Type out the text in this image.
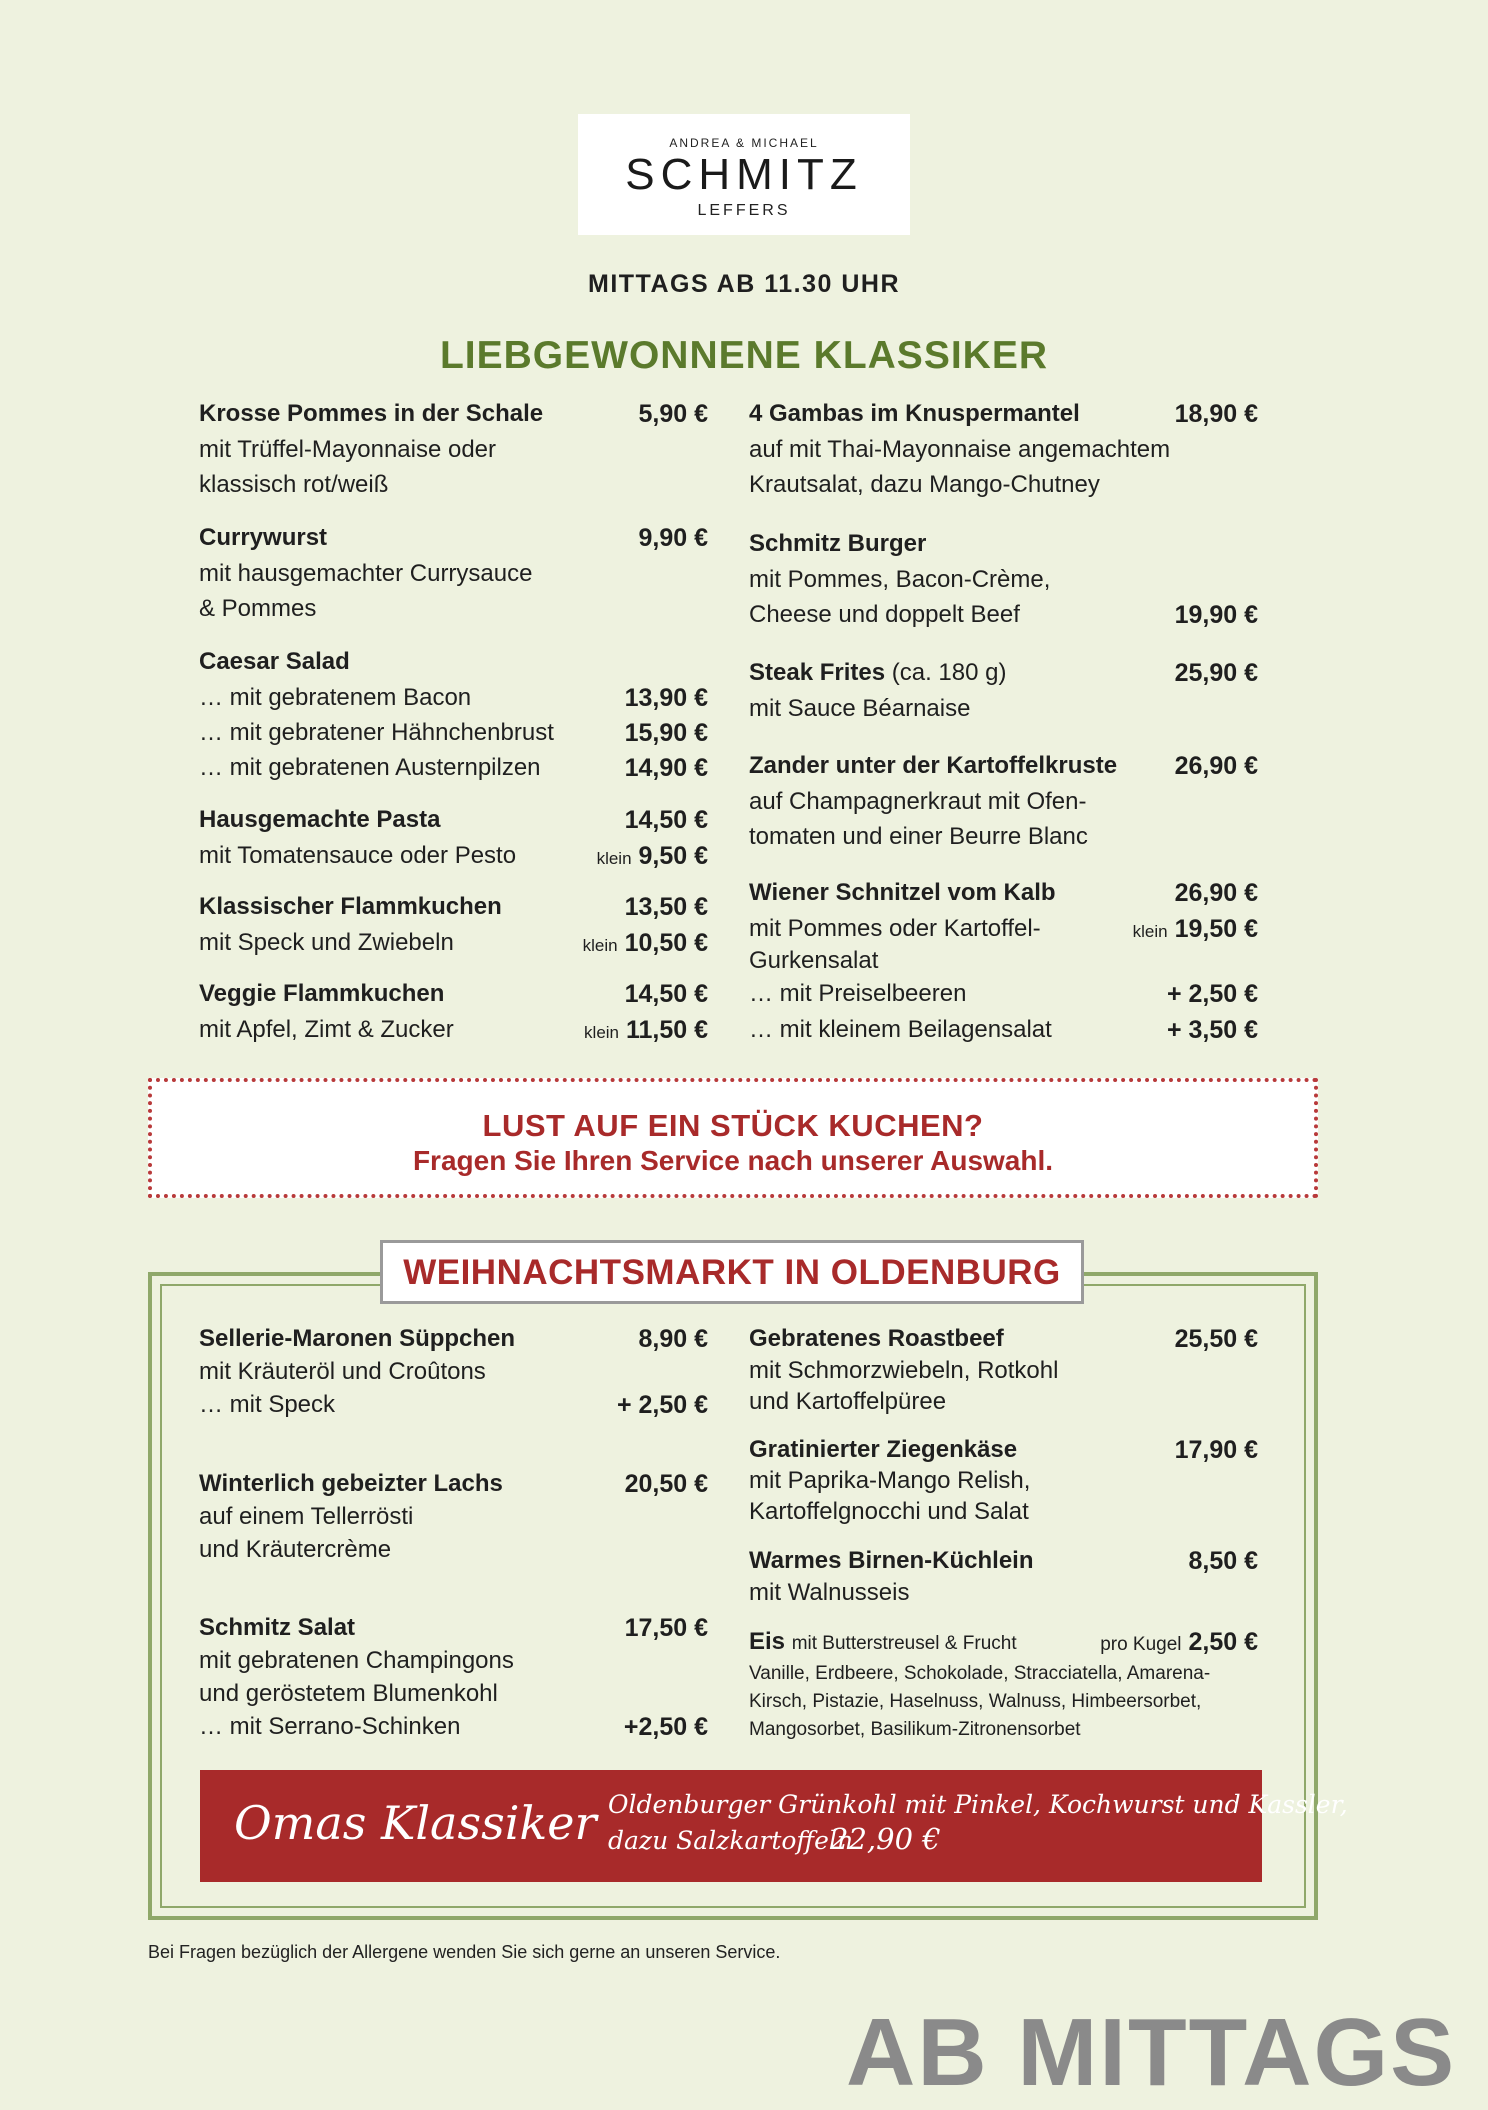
ANDREA & MICHAEL
SCHMITZ
LEFFERS
MITTAGS AB 11.30 UHR
LIEBGEWONNENE KLASSIKER
Krosse Pommes in der Schale	5,90 €
mit Trüffel-Mayonnaise oder
klassisch rot/weiß
Currywurst	9,90 €
mit hausgemachter Currysauce
& Pommes
Caesar Salad
… mit gebratenem Bacon	13,90 €
… mit gebratener Hähnchenbrust	15,90 €
… mit gebratenen Austernpilzen	14,90 €
Hausgemachte Pasta	14,50 €
mit Tomatensauce oder Pesto	klein 9,50 €
Klassischer Flammkuchen	13,50 €
mit Speck und Zwiebeln	klein 10,50 €
Veggie Flammkuchen	14,50 €
mit Apfel, Zimt & Zucker	klein 11,50 €
4 Gambas im Knuspermantel	18,90 €
auf mit Thai-Mayonnaise angemachtem
Krautsalat, dazu Mango-Chutney
Schmitz Burger
mit Pommes, Bacon-Crème,
Cheese und doppelt Beef	19,90 €
Steak Frites (ca. 180 g)	25,90 €
mit Sauce Béarnaise
Zander unter der Kartoffelkruste 26,90 €
auf Champagnerkraut mit Ofen-
tomaten und einer Beurre Blanc
Wiener Schnitzel vom Kalb	26,90 €
mit Pommes oder Kartoffel-	klein 19,50 €
Gurkensalat
… mit Preiselbeeren	+ 2,50 €
… mit kleinem Beilagensalat	+ 3,50 €
LUST AUF EIN STÜCK KUCHEN?
Fragen Sie Ihren Service nach unserer Auswahl.
WEIHNACHTSMARKT IN OLDENBURG
Sellerie-Maronen Süppchen	8,90 €
mit Kräuteröl und Croûtons
… mit Speck	+ 2,50 €
Winterlich gebeizter Lachs	20,50 €
auf einem Tellerrösti
und Kräutercrème
Schmitz Salat	17,50 €
mit gebratenen Champingons
und geröstetem Blumenkohl
… mit Serrano-Schinken	+2,50 €
Gebratenes Roastbeef	25,50 €
mit Schmorzwiebeln, Rotkohl
und Kartoffelpüree
Gratinierter Ziegenkäse	17,90 €
mit Paprika-Mango Relish,
Kartoffelgnocchi und Salat
Warmes Birnen-Küchlein	8,50 €
mit Walnusseis
Eis mit Butterstreusel & Frucht	pro Kugel 2,50 €
Vanille, Erdbeere, Schokolade, Stracciatella, Amarena-
Kirsch, Pistazie, Haselnuss, Walnuss, Himbeersorbet,
Mangosorbet, Basilikum-Zitronensorbet
Omas Klassiker Oldenburger Grünkohl mit Pinkel, Kochwurst und Kassler,
dazu Salzkartoffeln
22,90 €
Bei Fragen bezüglich der Allergene wenden Sie sich gerne an unseren Service.
AB MITTAGS
